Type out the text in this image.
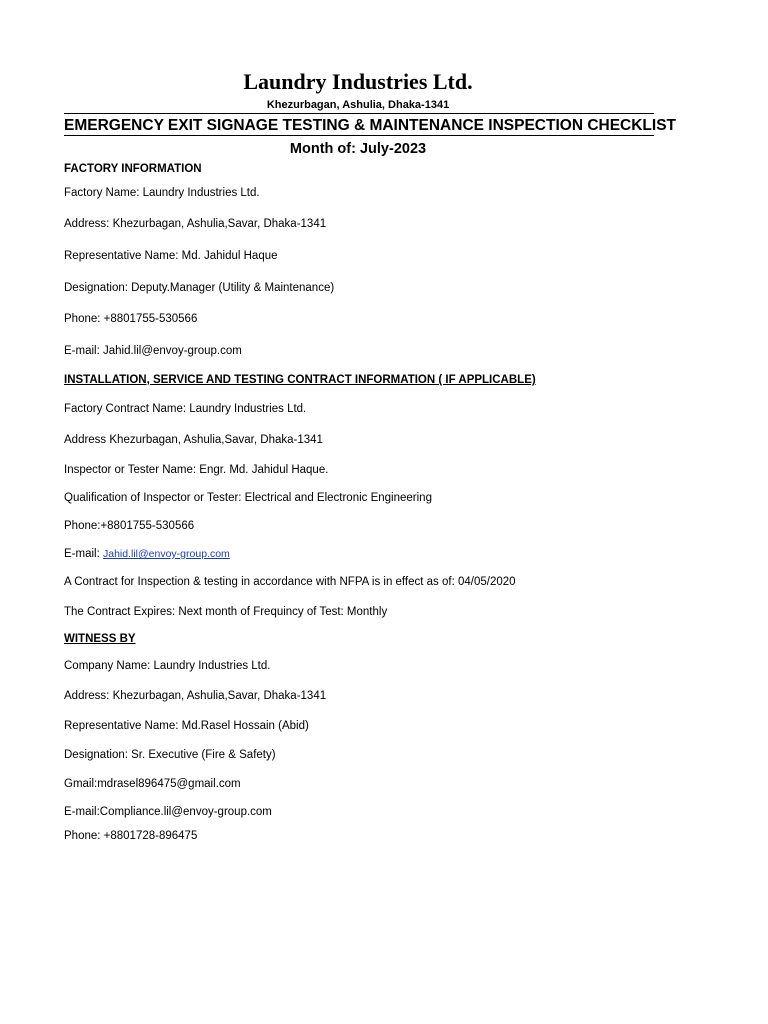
Laundry Industries Ltd.
Khezurbagan, Ashulia, Dhaka-1341
EMERGENCY EXIT SIGNAGE TESTING & MAINTENANCE INSPECTION CHECKLIST
Month of: July-2023
FACTORY INFORMATION
Factory Name: Laundry Industries Ltd.
Address: Khezurbagan, Ashulia,Savar, Dhaka-1341
Representative Name: Md. Jahidul Haque
Designation: Deputy.Manager (Utility & Maintenance)
Phone: +8801755-530566
E-mail: Jahid.lil@envoy-group.com
INSTALLATION, SERVICE AND TESTING CONTRACT INFORMATION ( IF APPLICABLE)
Factory Contract Name: Laundry Industries Ltd.
Address Khezurbagan, Ashulia,Savar, Dhaka-1341
Inspector or Tester Name: Engr. Md. Jahidul Haque.
Qualification of Inspector or Tester: Electrical and Electronic Engineering
Phone:+8801755-530566
E-mail: Jahid.lil@envoy-group.com
A Contract for Inspection & testing in accordance with NFPA is in effect as of: 04/05/2020
The Contract Expires: Next month of Frequincy of Test: Monthly
WITNESS BY
Company Name: Laundry Industries Ltd.
Address: Khezurbagan, Ashulia,Savar, Dhaka-1341
Representative Name: Md.Rasel Hossain (Abid)
Designation: Sr. Executive (Fire & Safety)
Gmail:mdrasel896475@gmail.com
E-mail:Compliance.lil@envoy-group.com
Phone: +8801728-896475
